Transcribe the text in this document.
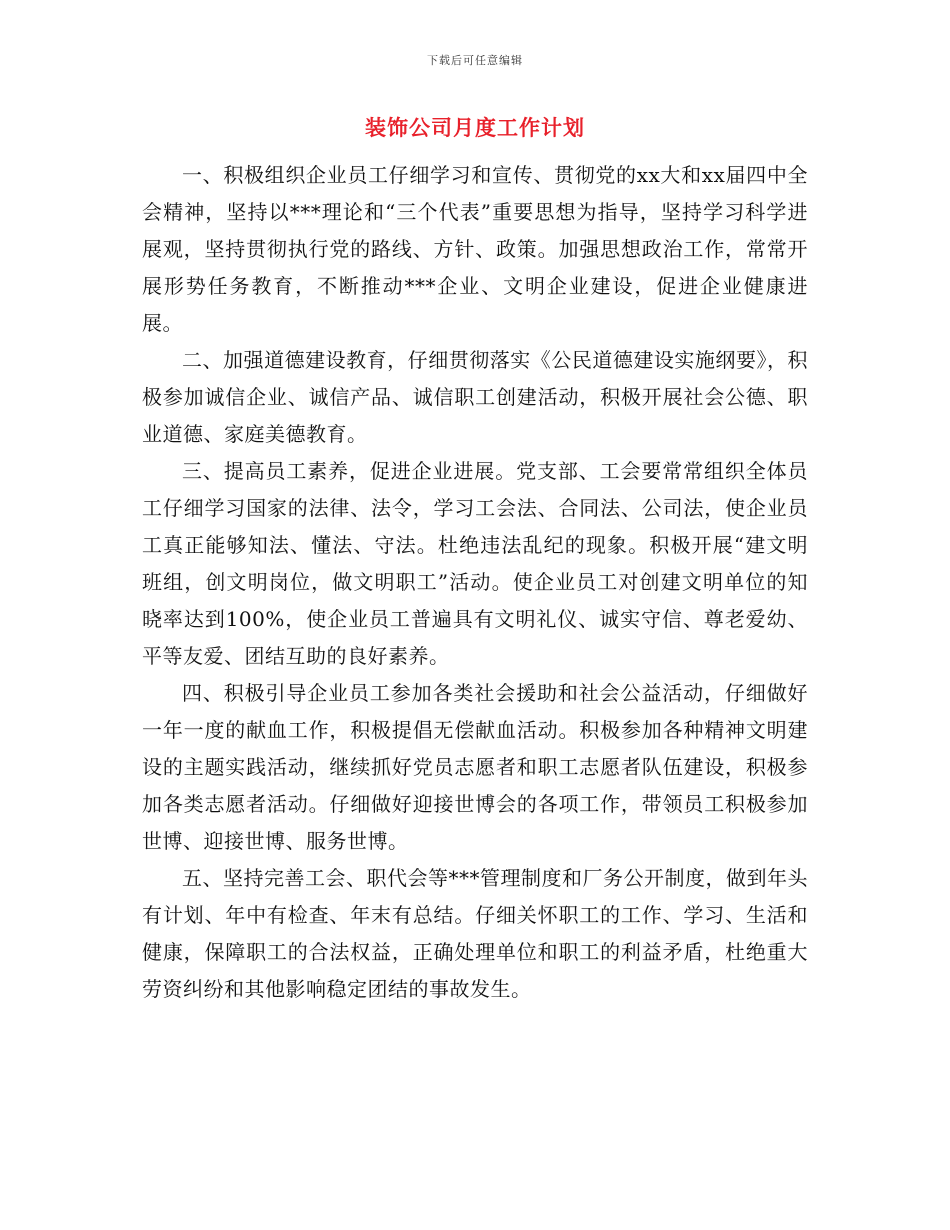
下载后可任意编辑
装饰公司月度工作计划

一、积极组织企业员工仔细学习和宣传、贯彻党的xx大和xx届四中全会精神，坚持以***理论和“三个代表”重要思想为指导，坚持学习科学进展观，坚持贯彻执行党的路线、方针、政策。加强思想政治工作，常常开展形势任务教育，不断推动***企业、文明企业建设，促进企业健康进展。

二、加强道德建设教育，仔细贯彻落实《公民道德建设实施纲要》，积极参加诚信企业、诚信产品、诚信职工创建活动，积极开展社会公德、职业道德、家庭美德教育。

三、提高员工素养，促进企业进展。党支部、工会要常常组织全体员工仔细学习国家的法律、法令，学习工会法、合同法、公司法，使企业员工真正能够知法、懂法、守法。杜绝违法乱纪的现象。积极开展“建文明班组，创文明岗位，做文明职工”活动。使企业员工对创建文明单位的知晓率达到100%，使企业员工普遍具有文明礼仪、诚实守信、尊老爱幼、平等友爱、团结互助的良好素养。

四、积极引导企业员工参加各类社会援助和社会公益活动，仔细做好一年一度的献血工作，积极提倡无偿献血活动。积极参加各种精神文明建设的主题实践活动，继续抓好党员志愿者和职工志愿者队伍建设，积极参加各类志愿者活动。仔细做好迎接世博会的各项工作，带领员工积极参加世博、迎接世博、服务世博。

五、坚持完善工会、职代会等***管理制度和厂务公开制度，做到年头有计划、年中有检查、年末有总结。仔细关怀职工的工作、学习、生活和健康，保障职工的合法权益，正确处理单位和职工的利益矛盾，杜绝重大劳资纠纷和其他影响稳定团结的事故发生。
